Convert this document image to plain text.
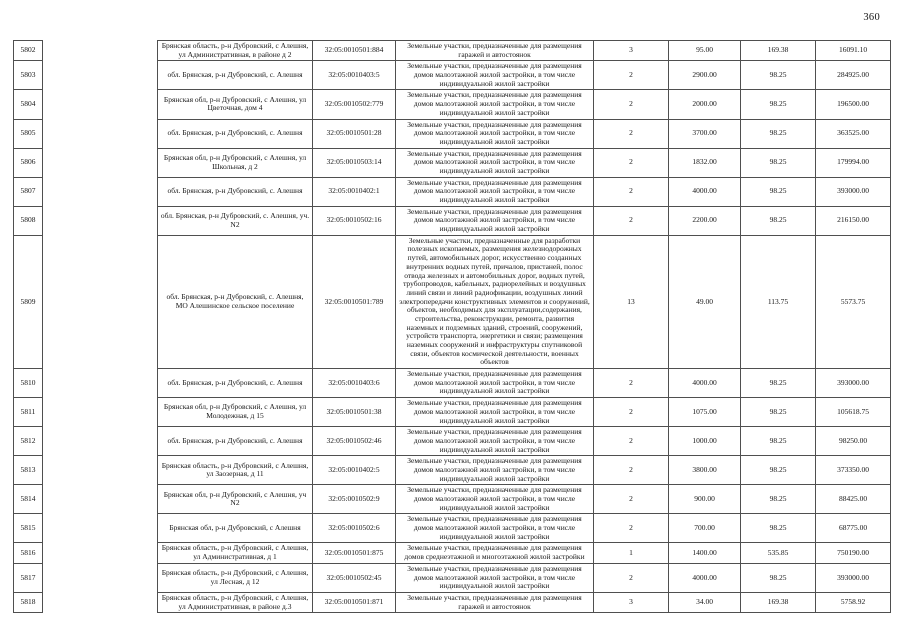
360
5802		Брянская область, р-н Дубровский, с Алешня, ул Административная, в районе д 2	32:05:0010501:884	Земельные участки, предназначенные для размещения гаражей и автостоянок	3	95.00	169.38	16091.10
5803		обл. Брянская, р-н Дубровский, с. Алешня	32:05:0010403:5	Земельные участки, предназначенные для размещения домов малоэтажной жилой застройки, в том числе индивидуальной жилой застройки	2	2900.00	98.25	284925.00
5804		Брянская обл, р-н Дубровский, с Алешня, ул Цветочная, дом 4	32:05:0010502:779	Земельные участки, предназначенные для размещения домов малоэтажной жилой застройки, в том числе индивидуальной жилой застройки	2	2000.00	98.25	196500.00
5805		обл. Брянская, р-н Дубровский, с. Алешня	32:05:0010501:28	Земельные участки, предназначенные для размещения домов малоэтажной жилой застройки, в том числе индивидуальной жилой застройки	2	3700.00	98.25	363525.00
5806		Брянская обл, р-н Дубровский, с Алешня, ул Школьная, д 2	32:05:0010503:14	Земельные участки, предназначенные для размещения домов малоэтажной жилой застройки, в том числе индивидуальной жилой застройки	2	1832.00	98.25	179994.00
5807		обл. Брянская, р-н Дубровский, с. Алешня	32:05:0010402:1	Земельные участки, предназначенные для размещения домов малоэтажной жилой застройки, в том числе индивидуальной жилой застройки	2	4000.00	98.25	393000.00
5808		обл. Брянская, р-н Дубровский, с. Алешня, уч. N2	32:05:0010502:16	Земельные участки, предназначенные для размещения домов малоэтажной жилой застройки, в том числе индивидуальной жилой застройки	2	2200.00	98.25	216150.00
5809		обл. Брянская, р-н Дубровский, с. Алешня, МО Алешинское сельское поселение	32:05:0010501:789	Земельные участки, предназначенные для разработки полезных ископаемых, размещения железнодорожных путей, автомобильных дорог, искусственно созданных внутренних водных путей, причалов, пристаней, полос отвода железных и автомобильных дорог, водных путей, трубопроводов, кабельных, радиорелейных и воздушных линий связи и линий радиофикации, воздушных линий электропередачи конструктивных элементов и сооружений, объектов, необходимых для эксплуатации,содержания, строительства, реконструкции, ремонта, развития наземных и подземных зданий, строений, сооружений, устройств транспорта, энергетики и связи; размещения наземных сооружений и инфраструктуры спутниковой связи, объектов космической деятельности, военных объектов	13	49.00	113.75	5573.75
5810		обл. Брянская, р-н Дубровский, с. Алешня	32:05:0010403:6	Земельные участки, предназначенные для размещения домов малоэтажной жилой застройки, в том числе индивидуальной жилой застройки	2	4000.00	98.25	393000.00
5811		Брянская обл, р-н Дубровский, с Алешня, ул Молодежная, д 15	32:05:0010501:38	Земельные участки, предназначенные для размещения домов малоэтажной жилой застройки, в том числе индивидуальной жилой застройки	2	1075.00	98.25	105618.75
5812		обл. Брянская, р-н Дубровский, с. Алешня	32:05:0010502:46	Земельные участки, предназначенные для размещения домов малоэтажной жилой застройки, в том числе индивидуальной жилой застройки	2	1000.00	98.25	98250.00
5813		Брянская область, р-н Дубровский, с Алешня, ул Заозерная, д 11	32:05:0010402:5	Земельные участки, предназначенные для размещения домов малоэтажной жилой застройки, в том числе индивидуальной жилой застройки	2	3800.00	98.25	373350.00
5814		Брянская обл, р-н Дубровский, с Алешня, уч N2	32:05:0010502:9	Земельные участки, предназначенные для размещения домов малоэтажной жилой застройки, в том числе индивидуальной жилой застройки	2	900.00	98.25	88425.00
5815		Брянская обл, р-н Дубровский, с Алешня	32:05:0010502:6	Земельные участки, предназначенные для размещения домов малоэтажной жилой застройки, в том числе индивидуальной жилой застройки	2	700.00	98.25	68775.00
5816		Брянская область, р-н Дубровский, с Алешня, ул Административная, д 1	32:05:0010501:875	Земельные участки, предназначенные для размещения домов среднеэтажной и многоэтажной жилой застройки	1	1400.00	535.85	750190.00
5817		Брянская область, р-н Дубровский, с Алешня, ул Лесная, д 12	32:05:0010502:45	Земельные участки, предназначенные для размещения домов малоэтажной жилой застройки, в том числе индивидуальной жилой застройки	2	4000.00	98.25	393000.00
5818		Брянская область, р-н Дубровский, с Алешня, ул Административная, в районе д.3	32:05:0010501:871	Земельные участки, предназначенные для размещения гаражей и автостоянок	3	34.00	169.38	5758.92
